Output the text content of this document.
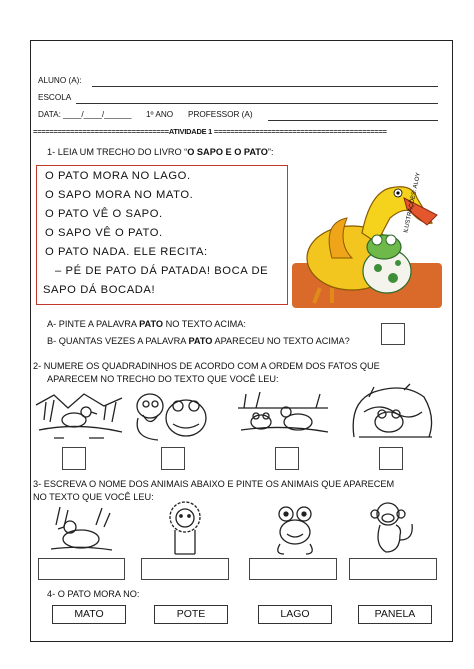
ALUNO (A):
ESCOLA
DATA: ____/____/______ 1º ANO PROFESSOR (A)
=================================ATIVIDADE 1 ==========================================
1- LEIA UM TRECHO DO LIVRO “O SAPO E O PATO”:
O PATO MORA NO LAGO.
O SAPO MORA NO MATO.
O PATO VÊ O SAPO.
O SAPO VÊ O PATO.
O PATO NADA. ELE RECITA:
– PÉ DE PATO DÁ PATADA! BOCA DE
SAPO DÁ BOCADA!
ILUSTRAÇÕES: ALOY
A- PINTE A PALAVRA PATO NO TEXTO ACIMA:
B- QUANTAS VEZES A PALAVRA PATO APARECEU NO TEXTO ACIMA?
2- NUMERE OS QUADRADINHOS DE ACORDO COM A ORDEM DOS FATOS QUE
APARECEM NO TRECHO DO TEXTO QUE VOCÊ LEU:
3- ESCREVA O NOME DOS ANIMAIS ABAIXO E PINTE OS ANIMAIS QUE APARECEM
NO TEXTO QUE VOCÊ LEU:
4- O PATO MORA NO:
MATO	POTE	LAGO	PANELA
